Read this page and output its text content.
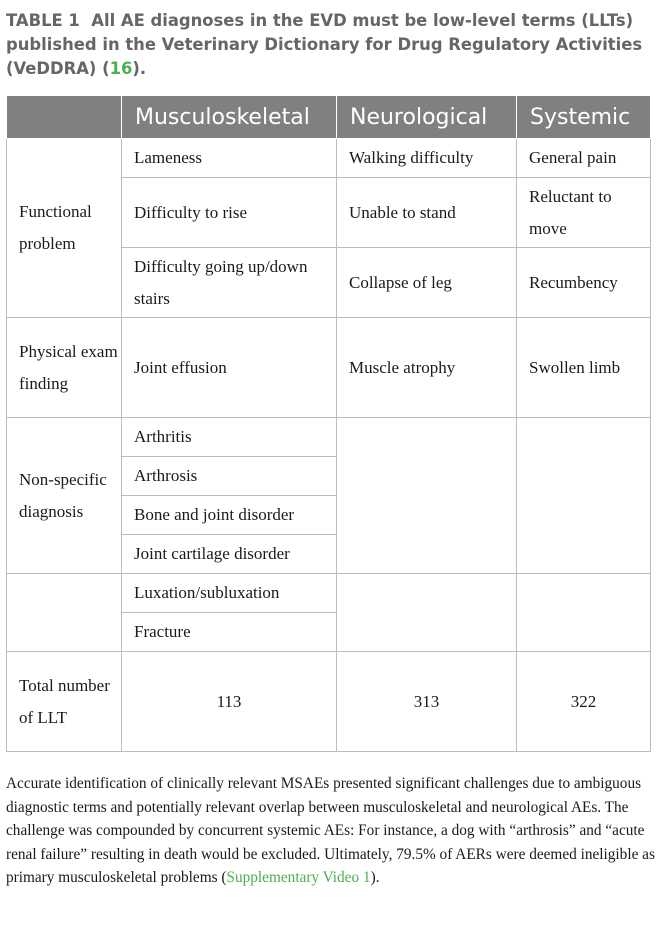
TABLE 1 All AE diagnoses in the EVD must be low-level terms (LLTs) published in the Veterinary Dictionary for Drug Regulatory Activities (VeDDRA) (16).
	Musculoskeletal	Neurological	Systemic
Functional problem	Lameness	Walking difficulty	General pain
	Difficulty to rise	Unable to stand	Reluctant to move
	Difficulty going up/down stairs	Collapse of leg	Recumbency
Physical exam finding	Joint effusion	Muscle atrophy	Swollen limb
Non-specific diagnosis	Arthritis		
	Arthrosis		
	Bone and joint disorder		
	Joint cartilage disorder		
	Luxation/subluxation		
	Fracture		
Total number of LLT	113	313	322
Accurate identification of clinically relevant MSAEs presented significant challenges due to ambiguous diagnostic terms and potentially relevant overlap between musculoskeletal and neurological AEs. The challenge was compounded by concurrent systemic AEs: For instance, a dog with “arthrosis” and “acute renal failure” resulting in death would be excluded. Ultimately, 79.5% of AERs were deemed ineligible as primary musculoskeletal problems (Supplementary Video 1).
